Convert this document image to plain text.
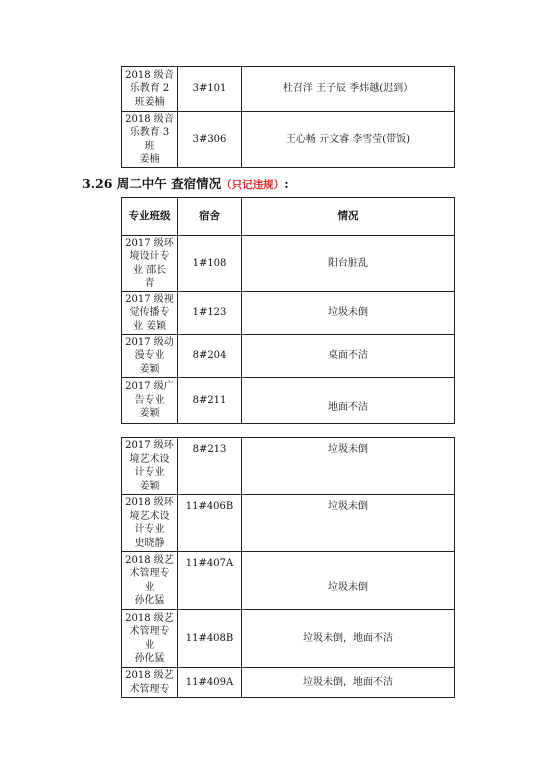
2018 级音
乐教育 2
班姜楠	3#101	杜召洋 王子辰 季炜越(迟到）

2018 级音
乐教育 3
班
姜楠	3#306	王心畅 亓文睿 李雪莹(带饭)
3.26 周二中午 查宿情况（只记违规）:
专业班级	宿舍	情况

2017 级环
境设计专
业 邵长
青	1#108	阳台脏乱

2017 级视
觉传播专
业 姜颖	1#123	垃圾未倒

2017 级动
漫专业
姜颖	8#204	桌面不洁

2017 级广
告专业
姜颖	8#211	地面不洁
2017 级环
境艺术设
计专业
姜颖	8#213	垃圾未倒

2018 级环
境艺术设
计专业
史晓静	11#406B	垃圾未倒

2018 级艺
术管理专
业
孙化猛	11#407A	垃圾未倒

2018 级艺
术管理专
业
孙化猛	11#408B	垃圾未倒，地面不洁

2018 级艺
术管理专	11#409A	垃圾未倒，地面不洁
